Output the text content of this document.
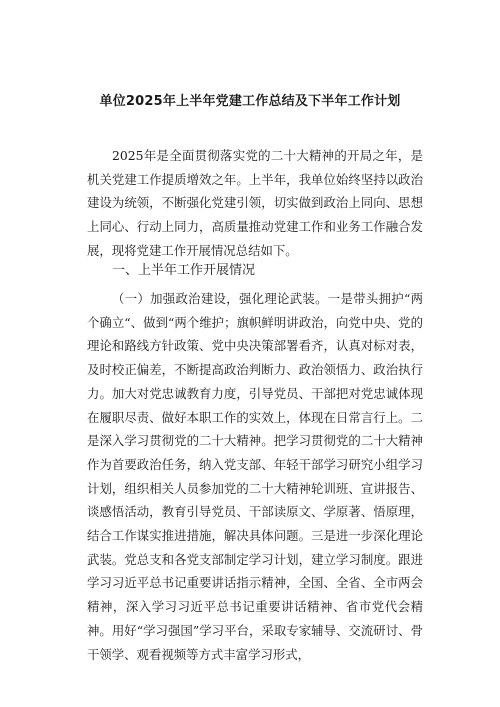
单位2025年上半年党建工作总结及下半年工作计划

2025年是全面贯彻落实党的二十大精神的开局之年，是机关党建工作提质增效之年。上半年，我单位始终坚持以政治建设为统领，不断强化党建引领，切实做到政治上同向、思想上同心、行动上同力，高质量推动党建工作和业务工作融合发展，现将党建工作开展情况总结如下。

一、上半年工作开展情况

（一）加强政治建设，强化理论武装。一是带头拥护“两个确立“、做到“两个维护；旗帜鲜明讲政治，向党中央、党的理论和路线方针政策、党中央决策部署看齐，认真对标对表，及时校正偏差，不断提高政治判断力、政治领悟力、政治执行力。加大对党忠诚教育力度，引导党员、干部把对党忠诚体现在履职尽责、做好本职工作的实效上，体现在日常言行上。二是深入学习贯彻党的二十大精神。把学习贯彻党的二十大精神作为首要政治任务，纳入党支部、年轻干部学习研究小组学习计划，组织相关人员参加党的二十大精神轮训班、宣讲报告、谈感悟活动，教育引导党员、干部读原文、学原著、悟原理，结合工作谋实推进措施，解决具体问题。三是进一步深化理论武装。党总支和各党支部制定学习计划，建立学习制度。跟进学习习近平总书记重要讲话指示精神，全国、全省、全市两会精神，深入学习习近平总书记重要讲话精神、省市党代会精神。用好“学习强国”学习平台，采取专家辅导、交流研讨、骨干领学、观看视频等方式丰富学习形式，
